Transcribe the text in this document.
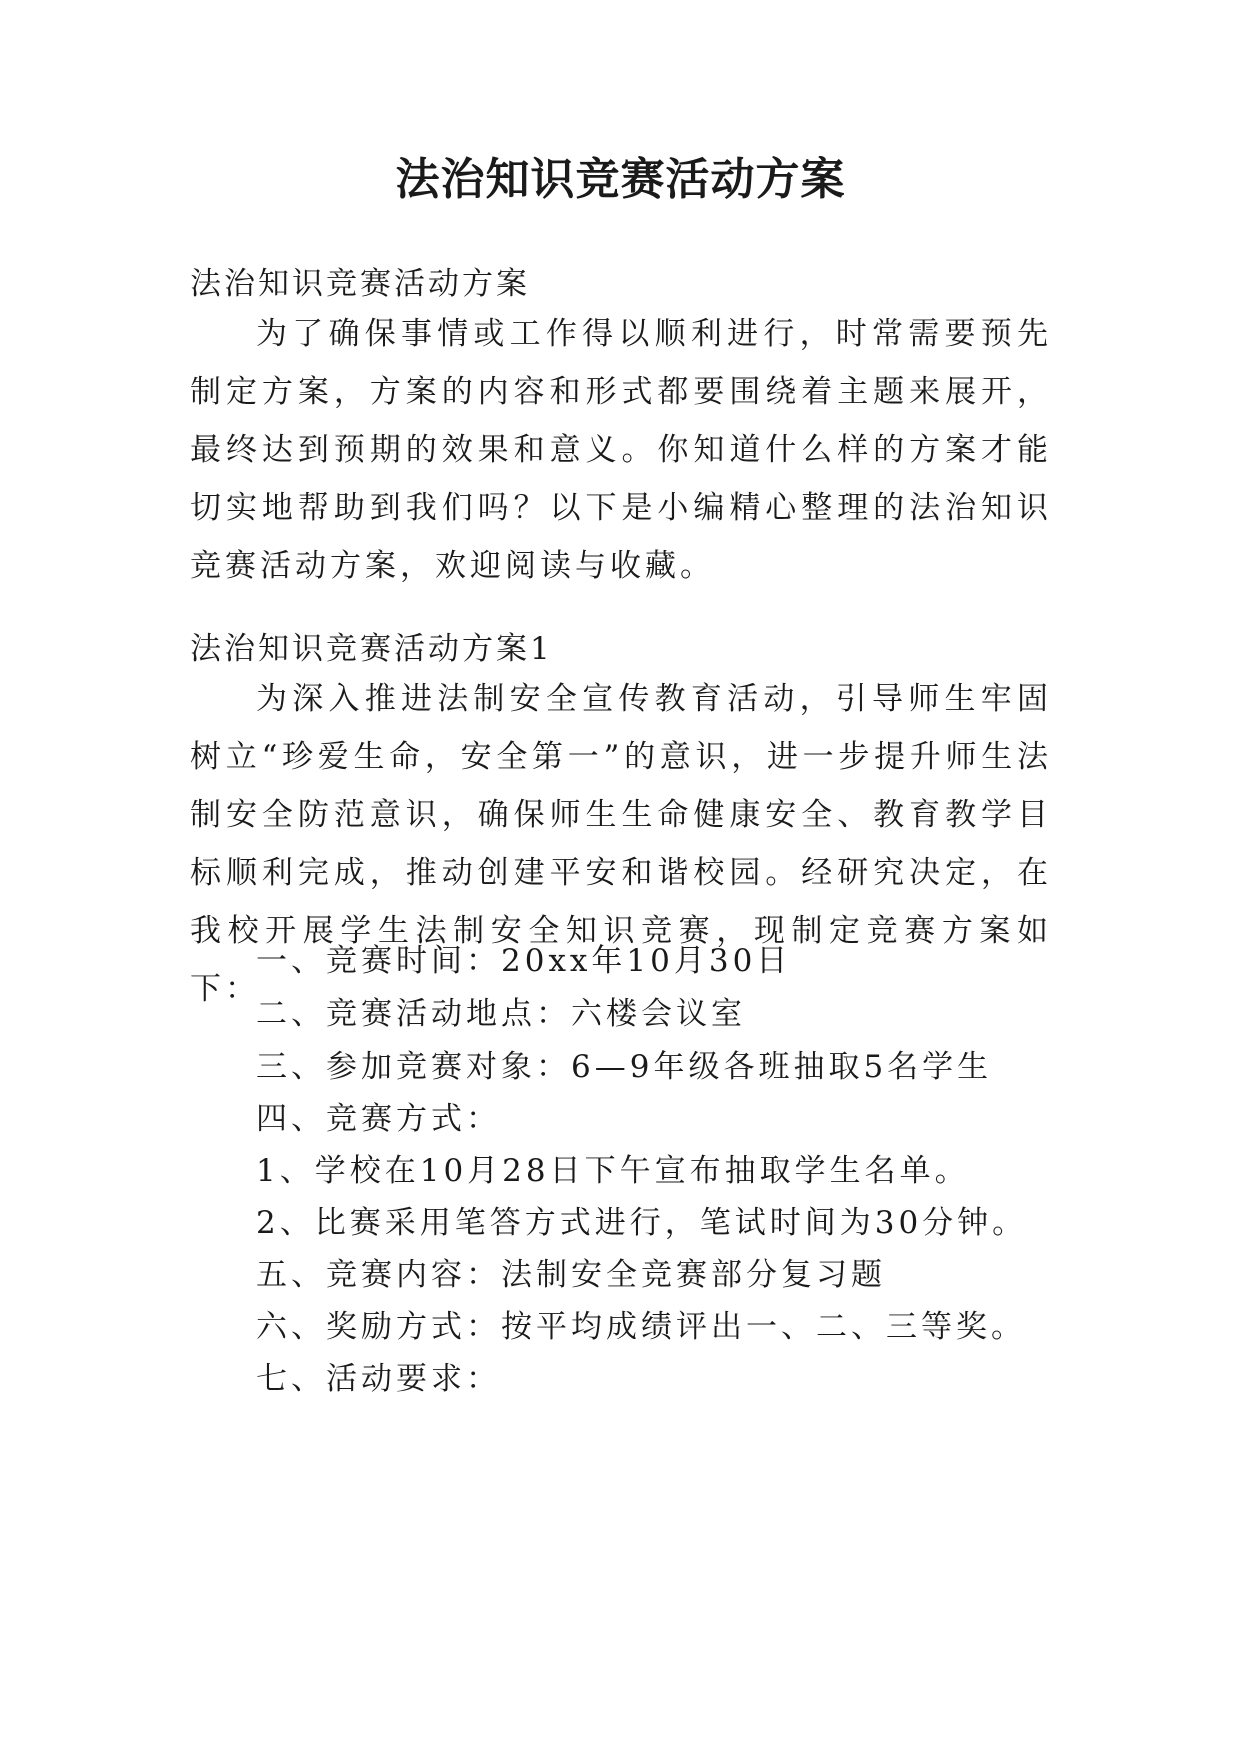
法治知识竞赛活动方案

法治知识竞赛活动方案

为了确保事情或工作得以顺利进行，时常需要预先制定方案，方案的内容和形式都要围绕着主题来展开，最终达到预期的效果和意义。你知道什么样的方案才能切实地帮助到我们吗？以下是小编精心整理的法治知识竞赛活动方案，欢迎阅读与收藏。

法治知识竞赛活动方案1

为深入推进法制安全宣传教育活动，引导师生牢固树立“珍爱生命，安全第一”的意识，进一步提升师生法制安全防范意识，确保师生生命健康安全、教育教学目标顺利完成，推动创建平安和谐校园。经研究决定，在我校开展学生法制安全知识竞赛，现制定竞赛方案如下：

一、竞赛时间：20xx年10月30日

二、竞赛活动地点：六楼会议室

三、参加竞赛对象：6—9年级各班抽取5名学生

四、竞赛方式：

1、学校在10月28日下午宣布抽取学生名单。

2、比赛采用笔答方式进行，笔试时间为30分钟。

五、竞赛内容：法制安全竞赛部分复习题

六、奖励方式：按平均成绩评出一、二、三等奖。

七、活动要求：
